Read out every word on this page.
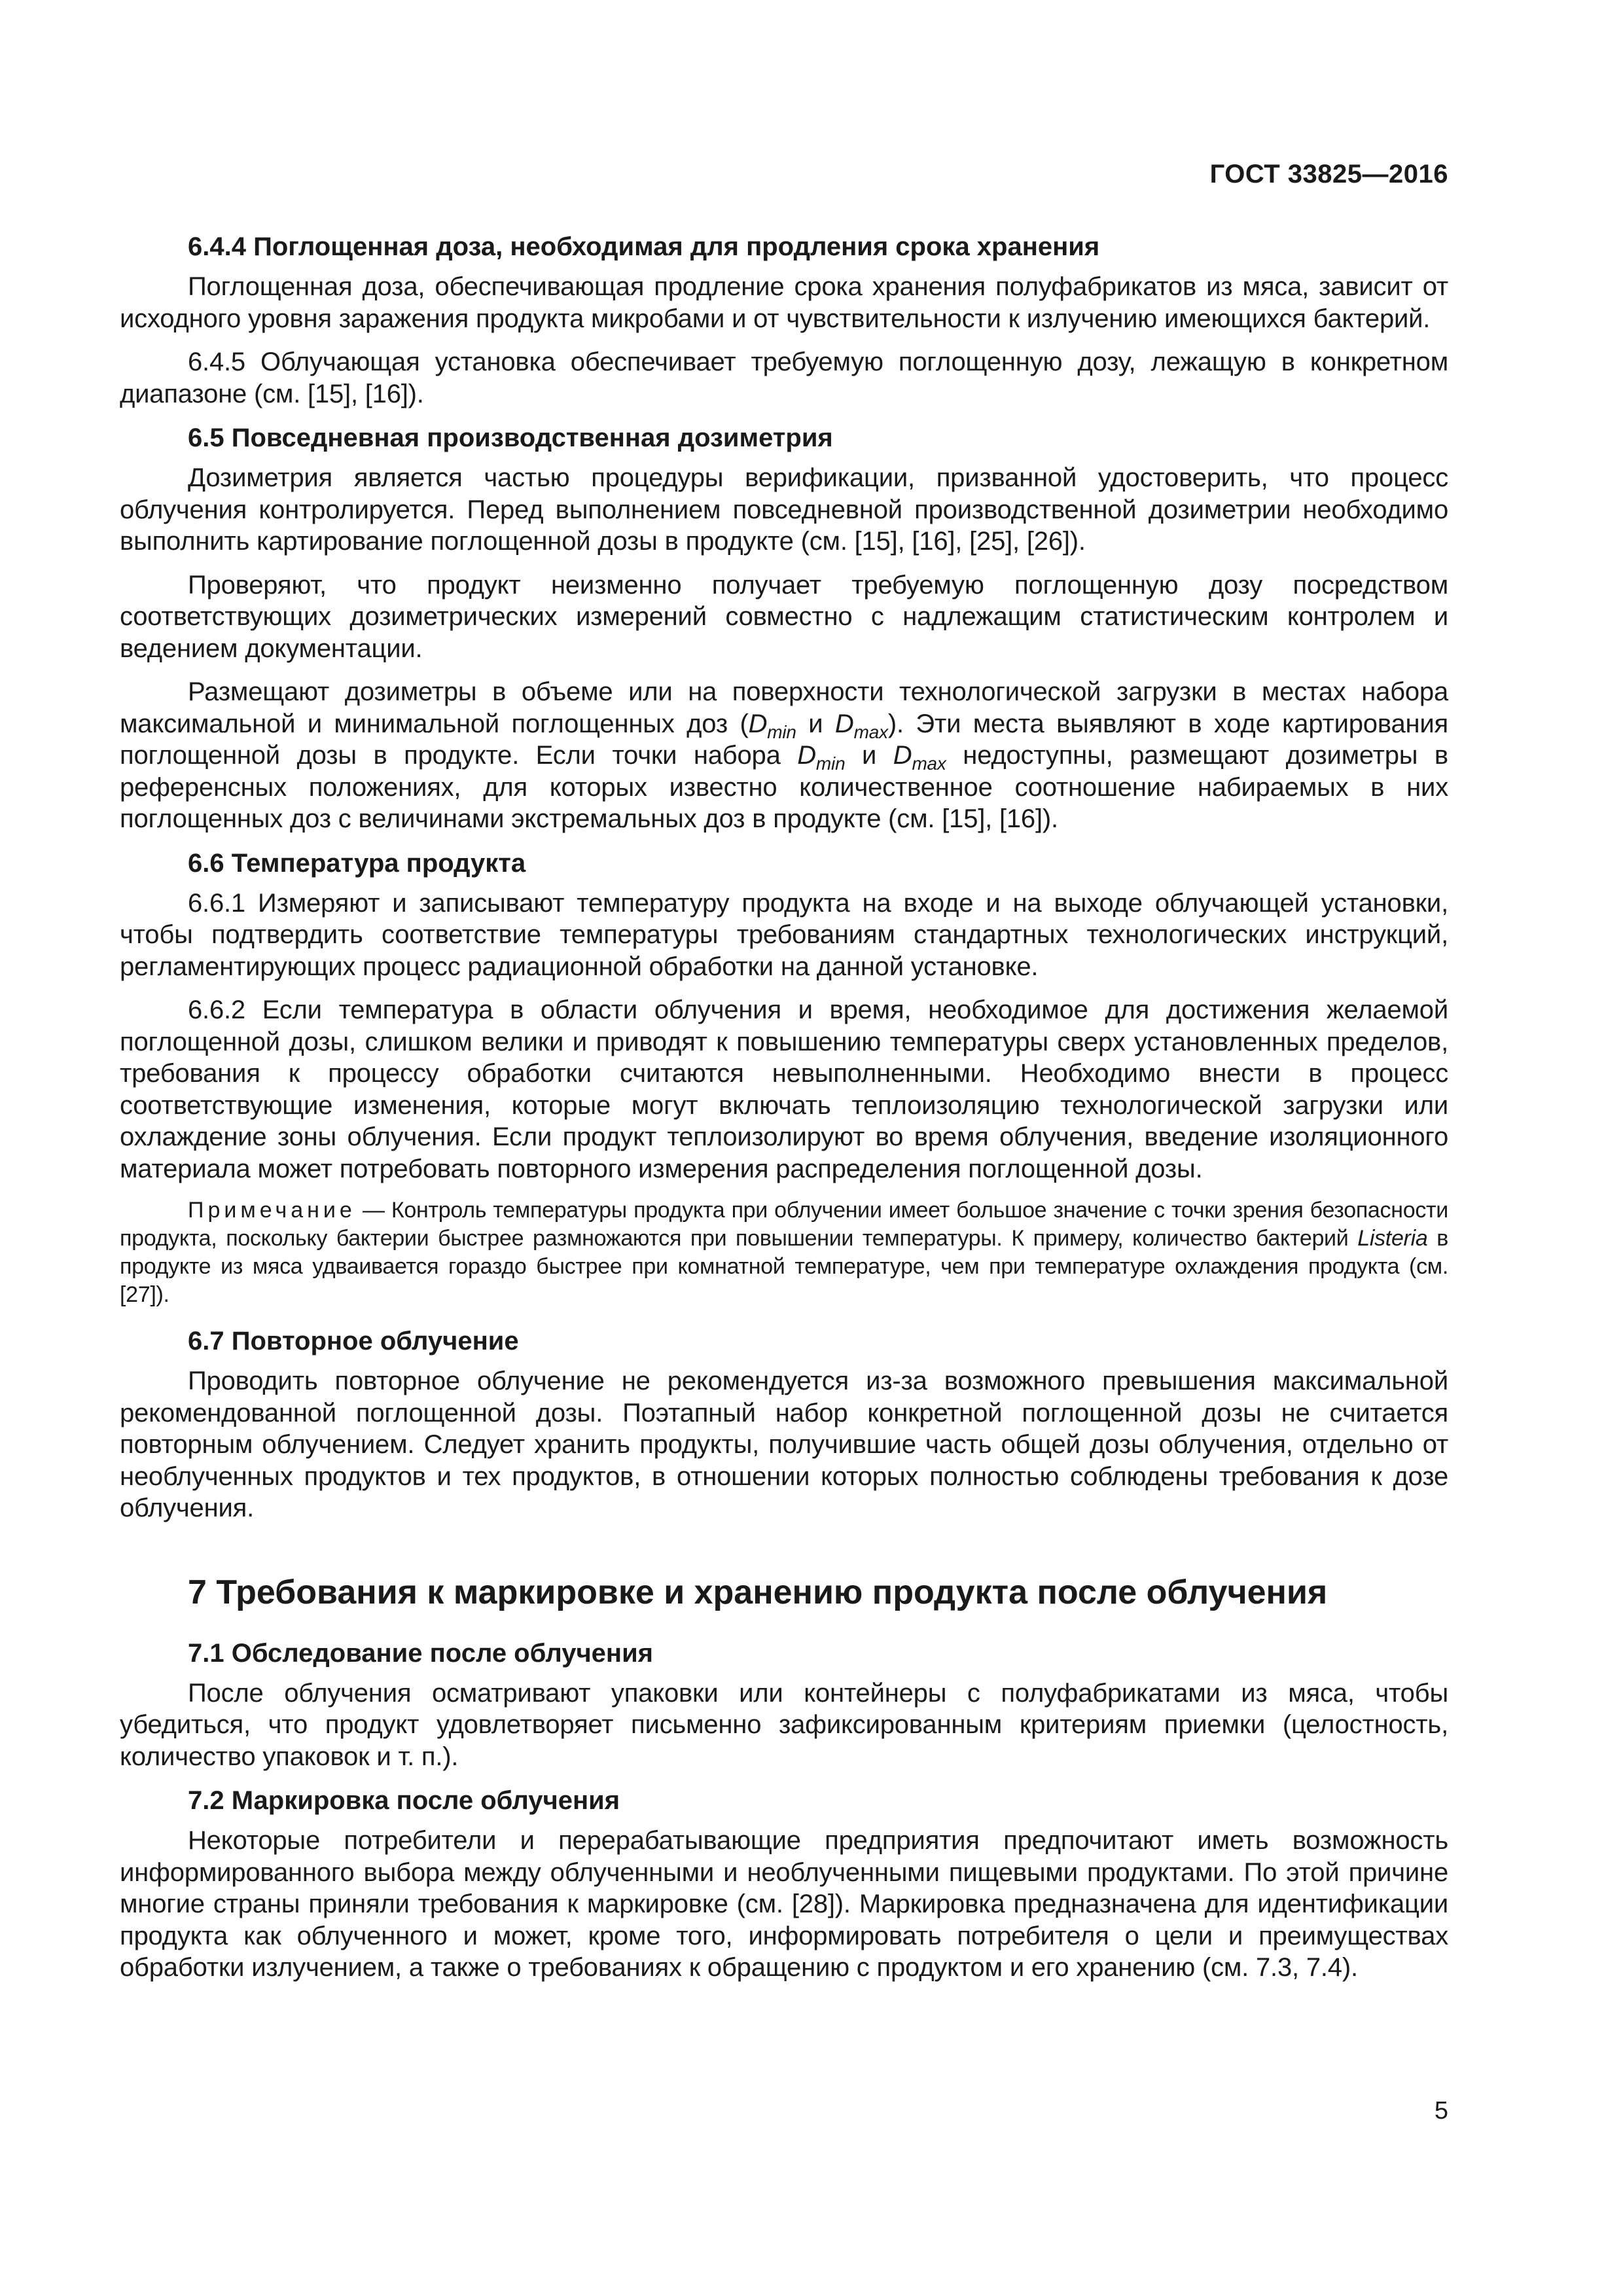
ГОСТ 33825—2016
6.4.4 Поглощенная доза, необходимая для продления срока хранения

Поглощенная доза, обеспечивающая продление срока хранения полуфабрикатов из мяса, зависит от исходного уровня заражения продукта микробами и от чувствительности к излучению имеющихся бактерий.

6.4.5 Облучающая установка обеспечивает требуемую поглощенную дозу, лежащую в конкретном диапазоне (см. [15], [16]).

6.5 Повседневная производственная дозиметрия

Дозиметрия является частью процедуры верификации, призванной удостоверить, что процесс облучения контролируется. Перед выполнением повседневной производственной дозиметрии необходимо выполнить картирование поглощенной дозы в продукте (см. [15], [16], [25], [26]).

Проверяют, что продукт неизменно получает требуемую поглощенную дозу посредством соответствующих дозиметрических измерений совместно с надлежащим статистическим контролем и ведением документации.

Размещают дозиметры в объеме или на поверхности технологической загрузки в местах набора максимальной и минимальной поглощенных доз ($D_{min}$ и $D_{max}$). Эти места выявляют в ходе картирования поглощенной дозы в продукте. Если точки набора $D_{min}$ и $D_{max}$ недоступны, размещают дозиметры в референсных положениях, для которых известно количественное соотношение набираемых в них поглощенных доз с величинами экстремальных доз в продукте (см. [15], [16]).

6.6 Температура продукта

6.6.1 Измеряют и записывают температуру продукта на входе и на выходе облучающей установки, чтобы подтвердить соответствие температуры требованиям стандартных технологических инструкций, регламентирующих процесс радиационной обработки на данной установке.

6.6.2 Если температура в области облучения и время, необходимое для достижения желаемой поглощенной дозы, слишком велики и приводят к повышению температуры сверх установленных пределов, требования к процессу обработки считаются невыполненными. Необходимо внести в процесс соответствующие изменения, которые могут включать теплоизоляцию технологической загрузки или охлаждение зоны облучения. Если продукт теплоизолируют во время облучения, введение изоляционного материала может потребовать повторного измерения распределения поглощенной дозы.

Примечание — Контроль температуры продукта при облучении имеет большое значение с точки зрения безопасности продукта, поскольку бактерии быстрее размножаются при повышении температуры. К примеру, количество бактерий Listeria в продукте из мяса удваивается гораздо быстрее при комнатной температуре, чем при температуре охлаждения продукта (см. [27]).

6.7 Повторное облучение

Проводить повторное облучение не рекомендуется из-за возможного превышения максимальной рекомендованной поглощенной дозы. Поэтапный набор конкретной поглощенной дозы не считается повторным облучением. Следует хранить продукты, получившие часть общей дозы облучения, отдельно от необлученных продуктов и тех продуктов, в отношении которых полностью соблюдены требования к дозе облучения.

7 Требования к маркировке и хранению продукта после облучения
7.1 Обследование после облучения

После облучения осматривают упаковки или контейнеры с полуфабрикатами из мяса, чтобы убедиться, что продукт удовлетворяет письменно зафиксированным критериям приемки (целостность, количество упаковок и т. п.).

7.2 Маркировка после облучения

Некоторые потребители и перерабатывающие предприятия предпочитают иметь возможность информированного выбора между облученными и необлученными пищевыми продуктами. По этой причине многие страны приняли требования к маркировке (см. [28]). Маркировка предназначена для идентификации продукта как облученного и может, кроме того, информировать потребителя о цели и преимуществах обработки излучением, а также о требованиях к обращению с продуктом и его хранению (см. 7.3, 7.4).

5
